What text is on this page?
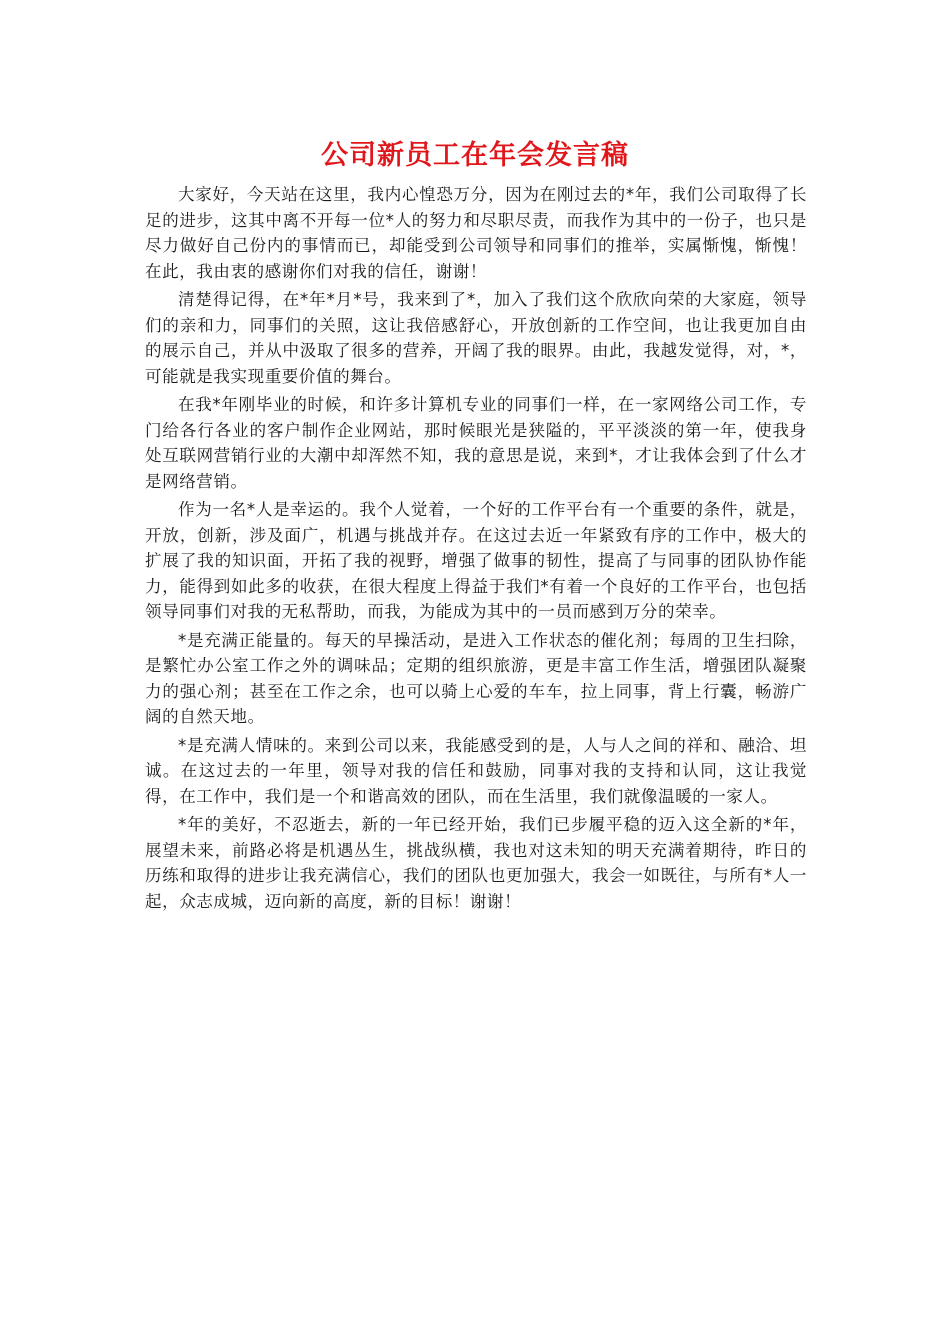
公司新员工在年会发言稿

大家好，今天站在这里，我内心惶恐万分，因为在刚过去的*年，我们公司取得了长足的进步，这其中离不开每一位*人的努力和尽职尽责，而我作为其中的一份子，也只是尽力做好自己份内的事情而已，却能受到公司领导和同事们的推举，实属惭愧，惭愧！在此，我由衷的感谢你们对我的信任，谢谢！

清楚得记得，在*年*月*号，我来到了*，加入了我们这个欣欣向荣的大家庭，领导们的亲和力，同事们的关照，这让我倍感舒心，开放创新的工作空间，也让我更加自由的展示自己，并从中汲取了很多的营养，开阔了我的眼界。由此，我越发觉得，对，*，可能就是我实现重要价值的舞台。

在我*年刚毕业的时候，和许多计算机专业的同事们一样，在一家网络公司工作，专门给各行各业的客户制作企业网站，那时候眼光是狭隘的，平平淡淡的第一年，使我身处互联网营销行业的大潮中却浑然不知，我的意思是说，来到*，才让我体会到了什么才是网络营销。

作为一名*人是幸运的。我个人觉着，一个好的工作平台有一个重要的条件，就是，开放，创新，涉及面广，机遇与挑战并存。在这过去近一年紧致有序的工作中，极大的扩展了我的知识面，开拓了我的视野，增强了做事的韧性，提高了与同事的团队协作能力，能得到如此多的收获，在很大程度上得益于我们*有着一个良好的工作平台，也包括领导同事们对我的无私帮助，而我，为能成为其中的一员而感到万分的荣幸。

*是充满正能量的。每天的早操活动，是进入工作状态的催化剂；每周的卫生扫除，是繁忙办公室工作之外的调味品；定期的组织旅游，更是丰富工作生活，增强团队凝聚力的强心剂；甚至在工作之余，也可以骑上心爱的车车，拉上同事，背上行囊，畅游广阔的自然天地。

*是充满人情味的。来到公司以来，我能感受到的是，人与人之间的祥和、融洽、坦诚。在这过去的一年里，领导对我的信任和鼓励，同事对我的支持和认同，这让我觉得，在工作中，我们是一个和谐高效的团队，而在生活里，我们就像温暖的一家人。

*年的美好，不忍逝去，新的一年已经开始，我们已步履平稳的迈入这全新的*年，展望未来，前路必将是机遇丛生，挑战纵横，我也对这未知的明天充满着期待，昨日的历练和取得的进步让我充满信心，我们的团队也更加强大，我会一如既往，与所有*人一起，众志成城，迈向新的高度，新的目标！谢谢！
